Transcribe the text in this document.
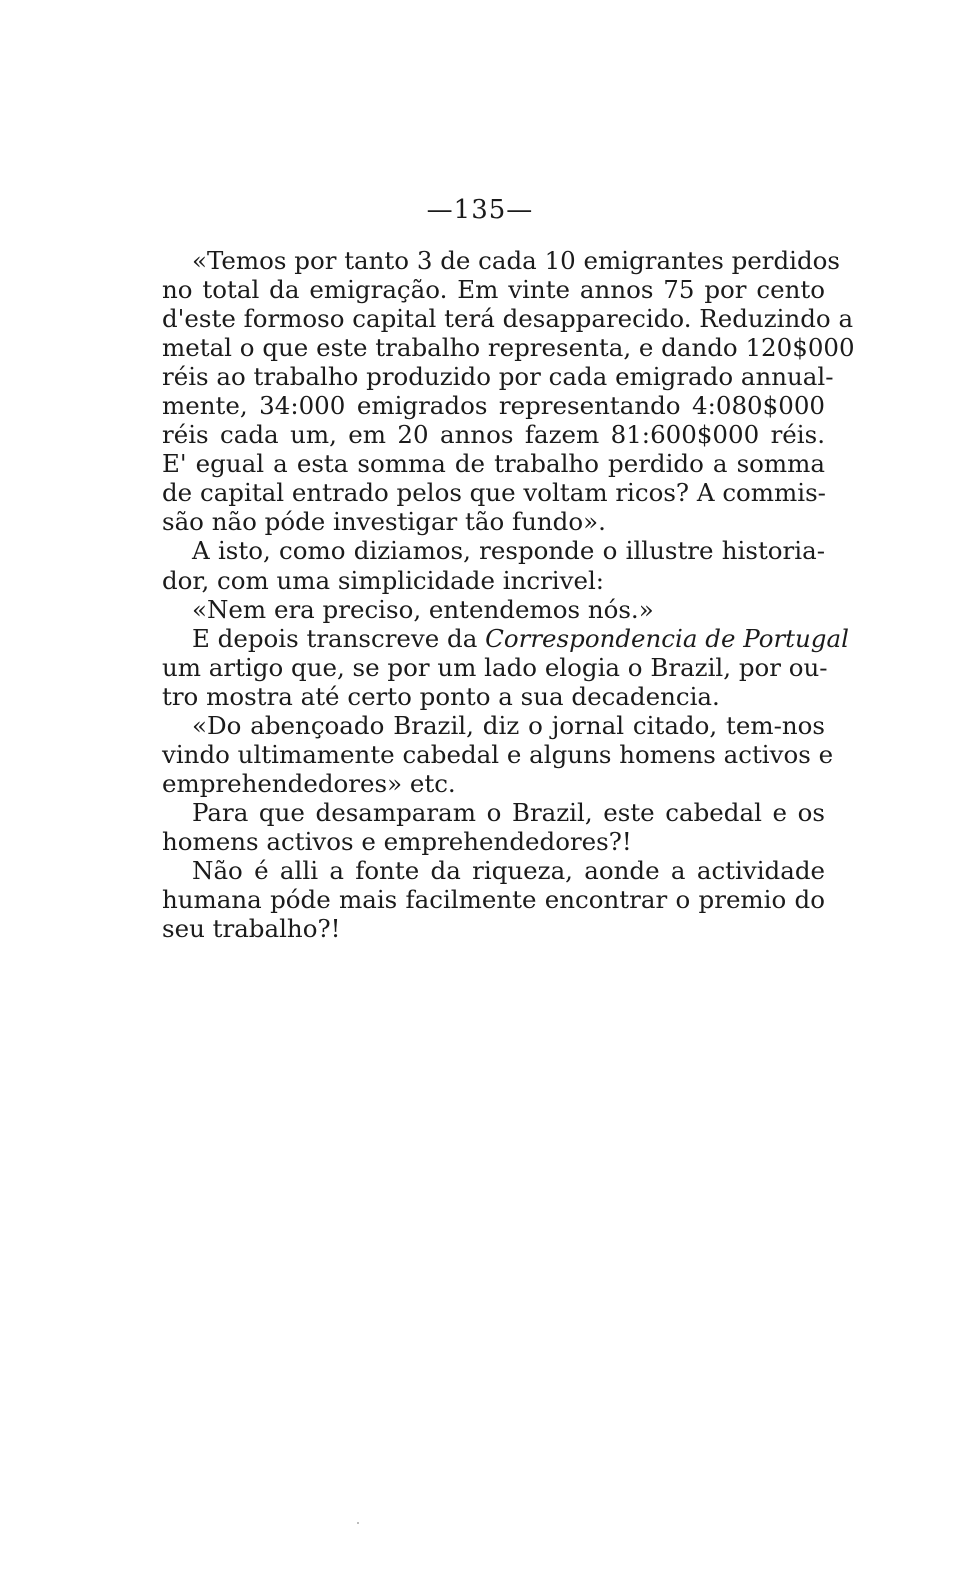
—135—
«Temos por tanto 3 de cada 10 emigrantes perdidos
no total da emigração. Em vinte annos 75 por cento
d'este formoso capital terá desapparecido. Reduzindo a
metal o que este trabalho representa, e dando 120$000
réis ao trabalho produzido por cada emigrado annual-
mente, 34:000 emigrados representando 4:080$000
réis cada um, em 20 annos fazem 81:600$000 réis.
E' egual a esta somma de trabalho perdido a somma
de capital entrado pelos que voltam ricos? A commis-
são não póde investigar tão fundo».
A isto, como diziamos, responde o illustre historia-
dor, com uma simplicidade incrivel:
«Nem era preciso, entendemos nós.»
E depois transcreve da Correspondencia de Portugal
um artigo que, se por um lado elogia o Brazil, por ou-
tro mostra até certo ponto a sua decadencia.
«Do abençoado Brazil, diz o jornal citado, tem-nos
vindo ultimamente cabedal e alguns homens activos e
emprehendedores» etc.
Para que desamparam o Brazil, este cabedal e os
homens activos e emprehendedores?!
Não é alli a fonte da riqueza, aonde a actividade
humana póde mais facilmente encontrar o premio do
seu trabalho?!
